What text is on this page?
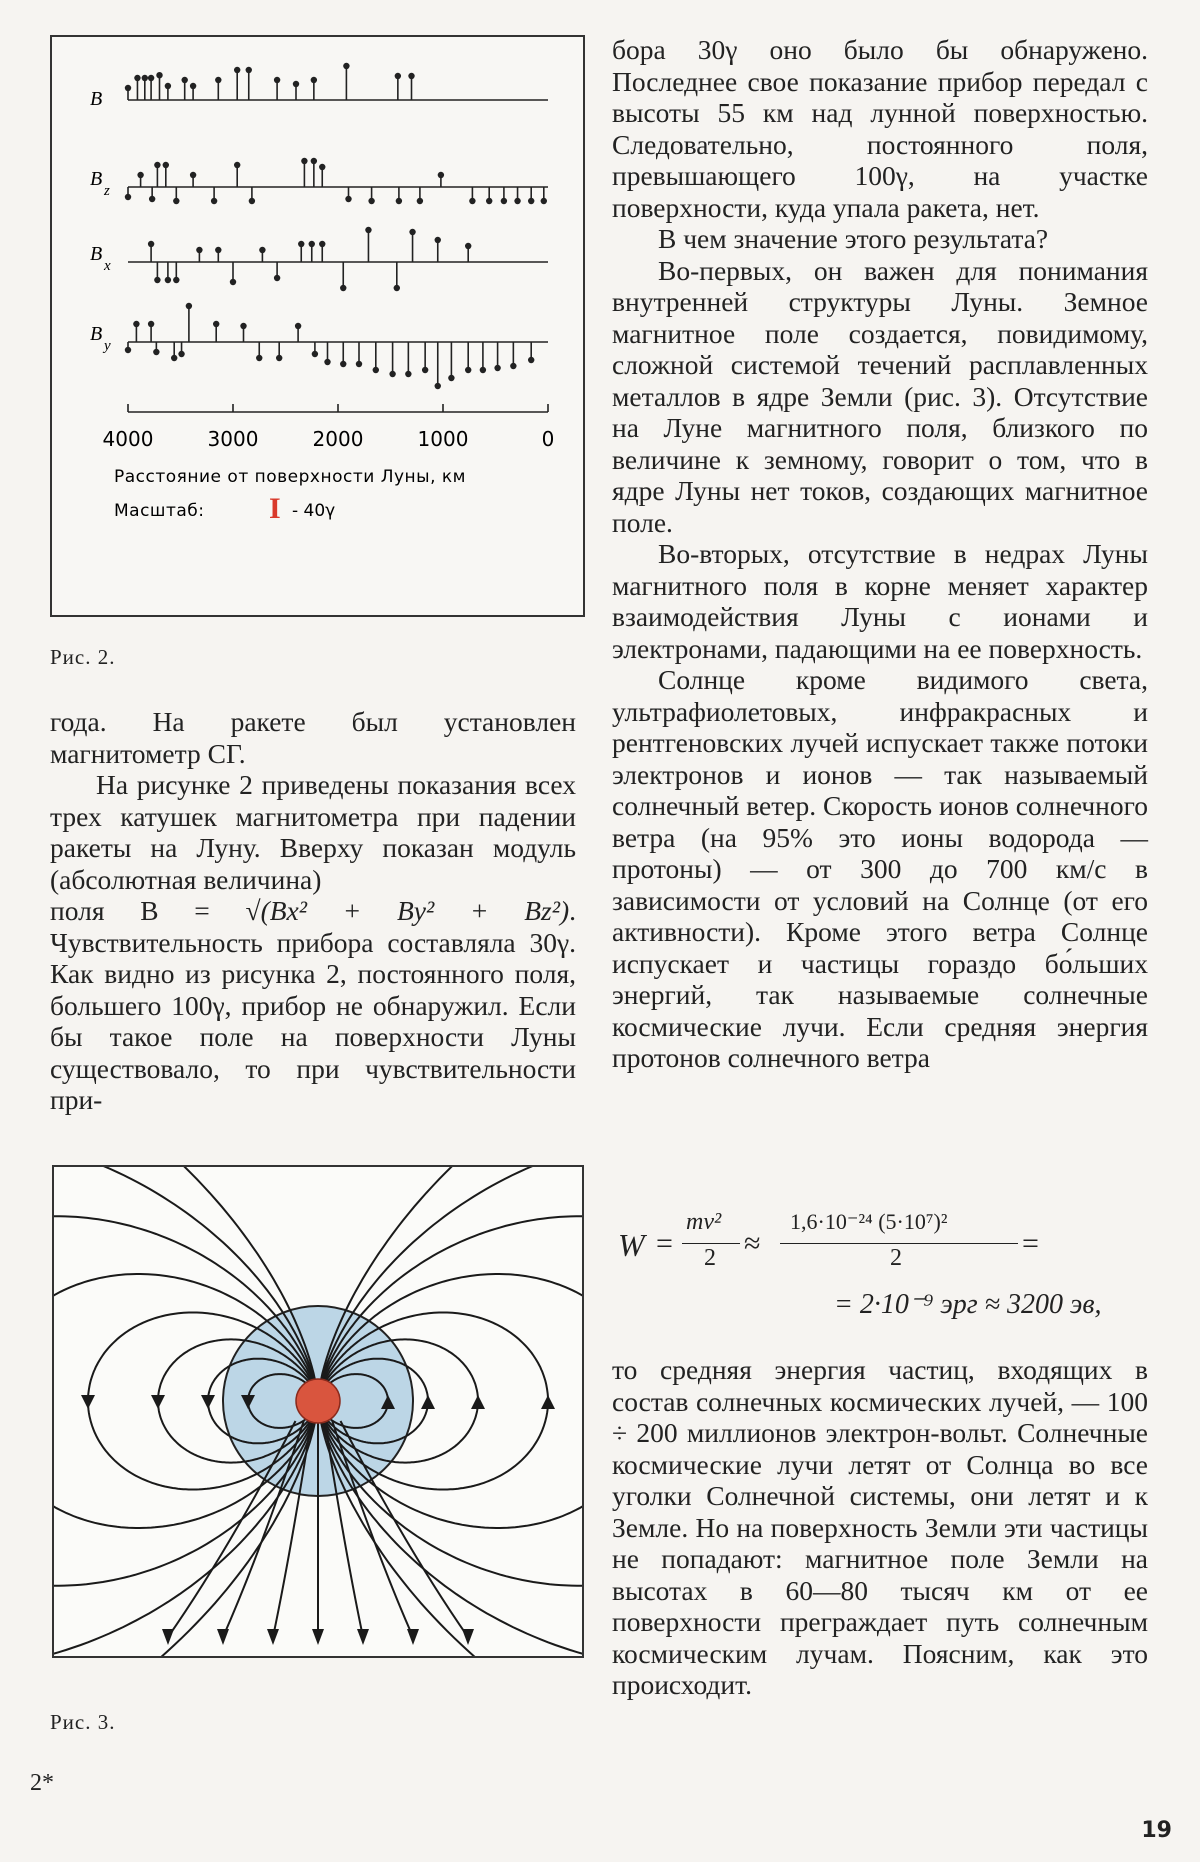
B
B
z
B
x
B
y
4000	3000	2000	1000	0
Расстояние от поверхности Луны, км
Масштаб: I - 40γ
Рис. 2.

года. На ракете был установлен магнитометр СГ.

На рисунке 2 приведены показания всех трех катушек магнитометра при падении ракеты на Луну. Вверху показан модуль (абсолютная величина)

поля B = √(Bx² + By² + Bz²). Чувствительность прибора составляла 30γ. Как видно из рисунка 2, постоянного поля, большего 100γ, прибор не обнаружил. Если бы такое поле на поверхности Луны существовало, то при чувствительности при-

Рис. 3.

бора 30γ оно было бы обнаружено. Последнее свое показание прибор передал с высоты 55 км над лунной поверхностью. Следовательно, постоянного поля, превышающего 100γ, на участке поверхности, куда упала ракета, нет.

В чем значение этого результата?

Во-первых, он важен для понимания внутренней структуры Луны. Земное магнитное поле создается, повидимому, сложной системой течений расплавленных металлов в ядре Земли (рис. 3). Отсутствие на Луне магнитного поля, близкого по величине к земному, говорит о том, что в ядре Луны нет токов, создающих магнитное поле.

Во-вторых, отсутствие в недрах Луны магнитного поля в корне меняет характер взаимодействия Луны с ионами и электронами, падающими на ее поверхность.

Солнце кроме видимого света, ультрафиолетовых, инфракрасных и рентгеновских лучей испускает также потоки электронов и ионов — так называемый солнечный ветер. Скорость ионов солнечного ветра (на 95% это ионы водорода — протоны) — от 300 до 700 км/с в зависимости от условий на Солнце (от его активности). Кроме этого ветра Солнце испускает и частицы гораздо бо́льших энергий, так называемые солнечные космические лучи. Если средняя энергия протонов солнечного ветра

W =
mv²
2 ≈
1,6·10⁻²⁴ (5·10⁷)²
2	=
= 2·10⁻⁹ эрг ≈ 3200 эв,

то средняя энергия частиц, входящих в состав солнечных космических лучей, — 100 ÷ 200 миллионов электрон-вольт. Солнечные космические лучи летят от Солнца во все уголки Солнечной системы, они летят и к Земле. Но на поверхность Земли эти частицы не попадают: магнитное поле Земли на высотах в 60—80 тысяч км от ее поверхности преграждает путь солнечным космическим лучам. Поясним, как это происходит.

2*
19
